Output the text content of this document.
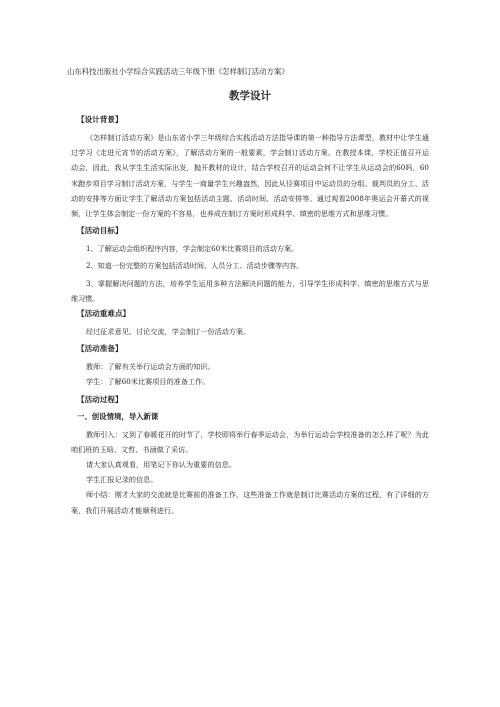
山东科技出版社小学综合实践活动三年级下册《怎样制订活动方案》
教学设计
【设计背景】

《怎样制订活动方案》是山东省小学三年级综合实践活动方法指导课的第一种指导方法课型，教材中让学生通过学习《走进元宵节的活动方案》，了解活动方案的一般要素，学会制订活动方案。在教授本课，学校正值召开运动会，因此，我从学生生活实际出发，抛开教材的设计，结合学校召开的运动会何不让学生从运动会的60吗，60米跑步项目学习制订活动方案，与学生一商量学生兴趣盎然，因此从径赛项目中运动员的分组、裁判员的分工、活动的安排等方面让学生了解活动方案包括活动主题、活动时间、活动安排等。通过观看2008年奥运会开幕式的视频，让学生体会制定一份方案的不容易，也养成在制订方案时形成科学、缜密的思维方式和思维习惯。

【活动目标】

1、了解运动会组织程序内容，学会制定60米比赛项目的活动方案。

2、知道一份完整的方案包括活动时间、人员分工、活动步骤等内容。

3、掌握解决问题的方法，培养学生运用多种方法解决问题的能力，引导学生形成科学、缜密的思维方式与思维习惯。

【活动重难点】

经过征求意见、讨论交流，学会制订一份活动方案。

【活动准备】

教师：了解有关举行运动会方面的知识。

学生：了解60米比赛项目的准备工作。

【活动过程】
一、创设情境，导入新课

教师引入：又到了春暖花开的时节了，学校即将举行春季运动会，为举行运动会学校准备的怎么样了呢？为此咱们班的玉晗、文哲、书涵做了采访。

请大家认真观看，用笔记下你认为重要的信息。

学生汇报记录的信息。

师小结：刚才大家的交流就是比赛前的准备工作，这些准备工作就是制订比赛活动方案的过程，有了详细的方案，我们开展活动才能顺利进行。
